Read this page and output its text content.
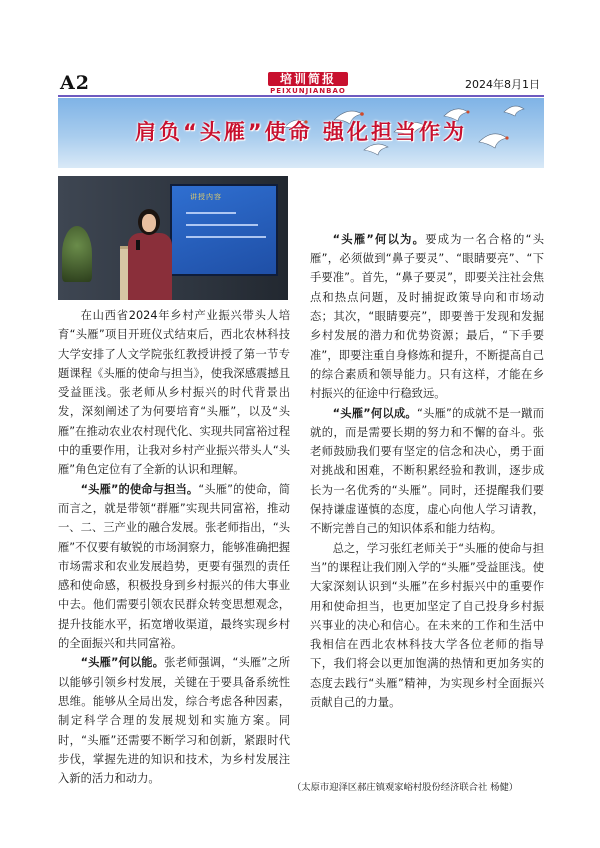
A2	培训简报
PEIXUNJIANBAO	2024年8月1日
肩负“头雁”使命 强化担当作为
讲授内容

在山西省2024年乡村产业振兴带头人培育“头雁”项目开班仪式结束后，西北农林科技大学安排了人文学院张红教授讲授了第一节专题课程《头雁的使命与担当》，使我深感震撼且受益匪浅。张老师从乡村振兴的时代背景出发，深刻阐述了为何要培育“头雁”，以及“头雁”在推动农业农村现代化、实现共同富裕过程中的重要作用，让我对乡村产业振兴带头人“头雁”角色定位有了全新的认识和理解。

“头雁”的使命与担当。“头雁”的使命，简而言之，就是带领“群雁”实现共同富裕，推动一、二、三产业的融合发展。张老师指出，“头雁”不仅要有敏锐的市场洞察力，能够准确把握市场需求和农业发展趋势，更要有强烈的责任感和使命感，积极投身到乡村振兴的伟大事业中去。他们需要引领农民群众转变思想观念，提升技能水平，拓宽增收渠道，最终实现乡村的全面振兴和共同富裕。

“头雁”何以能。张老师强调，“头雁”之所以能够引领乡村发展，关键在于要具备系统性思维。能够从全局出发，综合考虑各种因素，制定科学合理的发展规划和实施方案。同时，“头雁”还需要不断学习和创新，紧跟时代步伐，掌握先进的知识和技术，为乡村发展注入新的活力和动力。

“头雁”何以为。要成为一名合格的“头雁”，必须做到“鼻子要灵”、“眼睛要亮”、“下手要准”。首先，“鼻子要灵”，即要关注社会焦点和热点问题，及时捕捉政策导向和市场动态；其次，“眼睛要亮”，即要善于发现和发掘乡村发展的潜力和优势资源；最后，“下手要准”，即要注重自身修炼和提升，不断提高自己的综合素质和领导能力。只有这样，才能在乡村振兴的征途中行稳致远。

“头雁”何以成。“头雁”的成就不是一蹴而就的，而是需要长期的努力和不懈的奋斗。张老师鼓励我们要有坚定的信念和决心，勇于面对挑战和困难，不断积累经验和教训，逐步成长为一名优秀的“头雁”。同时，还提醒我们要保持谦虚谨慎的态度，虚心向他人学习请教，不断完善自己的知识体系和能力结构。

总之，学习张红老师关于“头雁的使命与担当”的课程让我们刚入学的“头雁”受益匪浅。使大家深刻认识到“头雁”在乡村振兴中的重要作用和使命担当，也更加坚定了自己投身乡村振兴事业的决心和信心。在未来的工作和生活中我相信在西北农林科技大学各位老师的指导下，我们将会以更加饱满的热情和更加务实的态度去践行“头雁”精神，为实现乡村全面振兴贡献自己的力量。

（太原市迎泽区郝庄镇观家峪村股份经济联合社 杨健）
